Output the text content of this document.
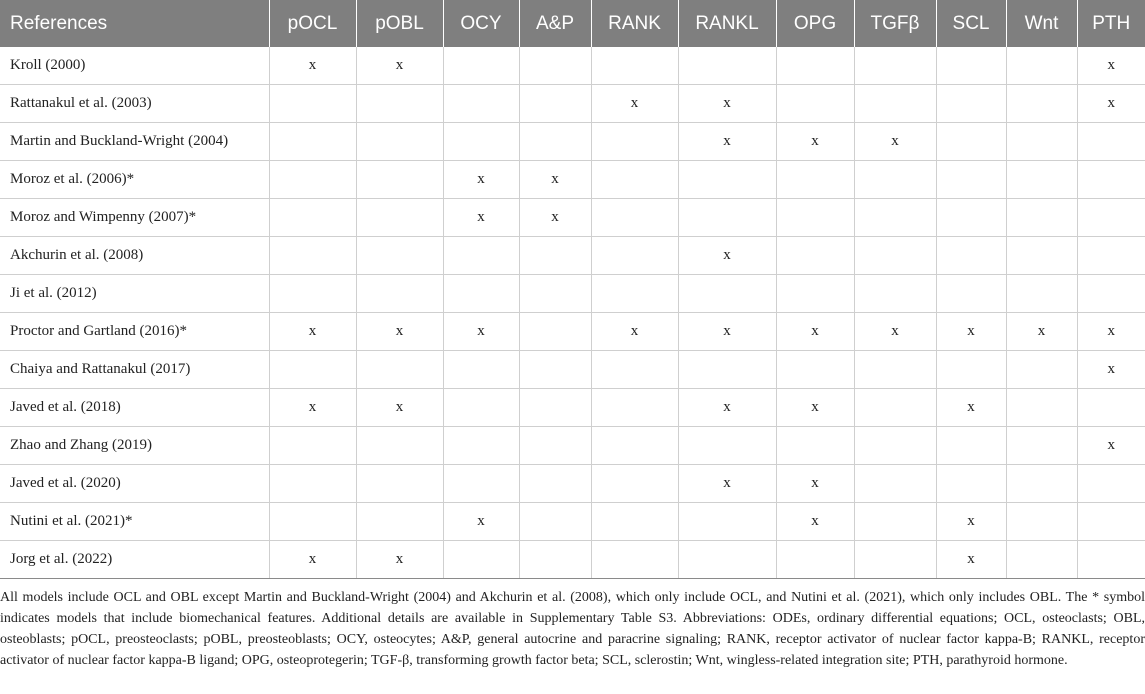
References	pOCL	pOBL	OCY	A&P	RANK	RANKL	OPG	TGFβ	SCL	Wnt	PTH
Kroll (2000)	x	x									x
Rattanakul et al. (2003)					x	x					x
Martin and Buckland-Wright (2004)						x	x	x			
Moroz et al. (2006)*			x	x							
Moroz and Wimpenny (2007)*			x	x							
Akchurin et al. (2008)						x					
Ji et al. (2012)											
Proctor and Gartland (2016)*	x	x	x		x	x	x	x	x	x	x
Chaiya and Rattanakul (2017)											x
Javed et al. (2018)	x	x				x	x		x		
Zhao and Zhang (2019)											x
Javed et al. (2020)						x	x				
Nutini et al. (2021)*			x				x		x		
Jorg et al. (2022)	x	x							x		

All models include OCL and OBL except Martin and Buckland-Wright (2004) and Akchurin et al. (2008), which only include OCL, and Nutini et al. (2021), which only includes OBL. The * symbol indicates models that include biomechanical features. Additional details are available in Supplementary Table S3. Abbreviations: ODEs, ordinary differential equations; OCL, osteoclasts; OBL, osteoblasts; pOCL, preosteoclasts; pOBL, preosteoblasts; OCY, osteocytes; A&P, general autocrine and paracrine signaling; RANK, receptor activator of nuclear factor kappa-B; RANKL, receptor activator of nuclear factor kappa-B ligand; OPG, osteoprotegerin; TGF-β, transforming growth factor beta; SCL, sclerostin; Wnt, wingless-related integration site; PTH, parathyroid hormone.
